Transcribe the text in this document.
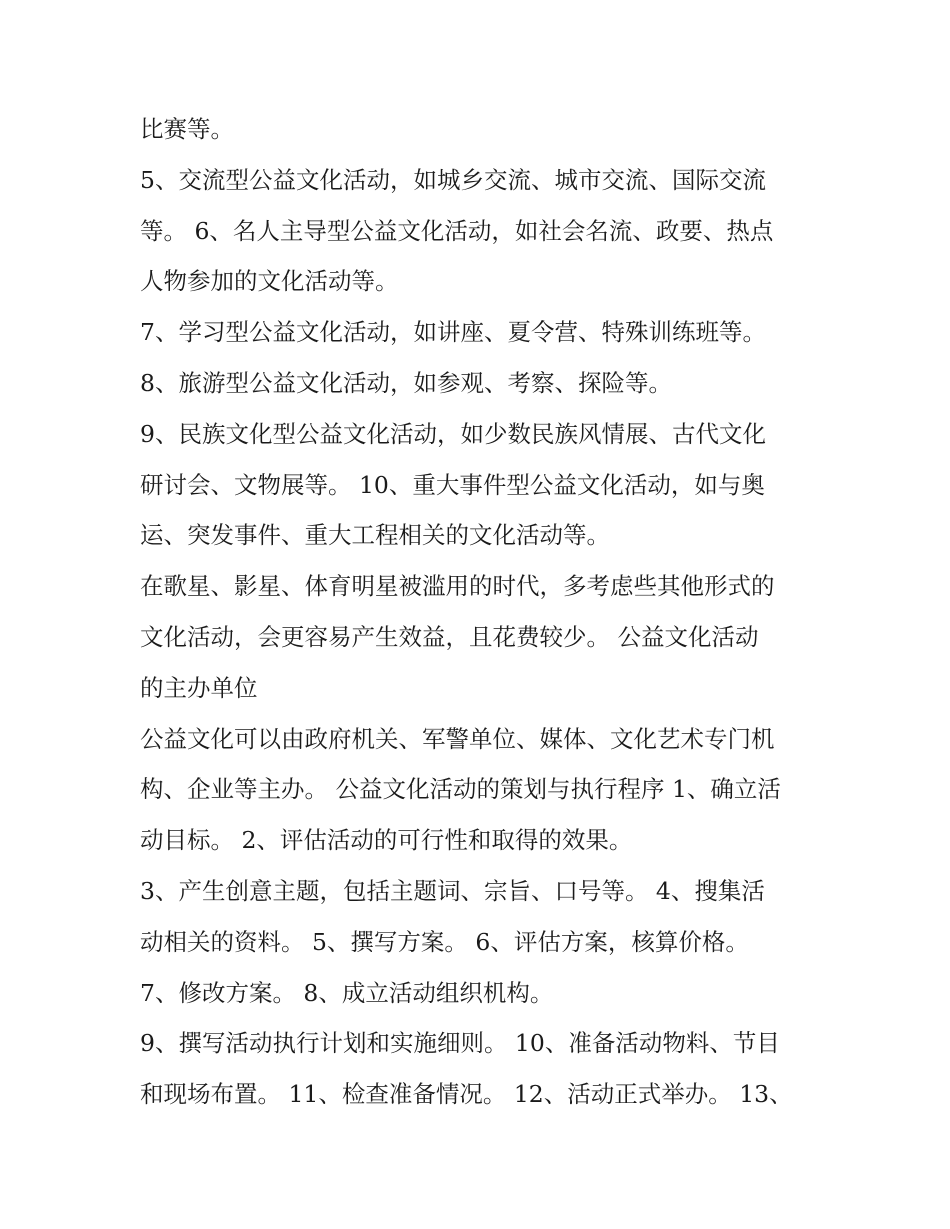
比赛等。
5、交流型公益文化活动，如城乡交流、城市交流、国际交流
等。 6、名人主导型公益文化活动，如社会名流、政要、热点
人物参加的文化活动等。
7、学习型公益文化活动，如讲座、夏令营、特殊训练班等。
8、旅游型公益文化活动，如参观、考察、探险等。
9、民族文化型公益文化活动，如少数民族风情展、古代文化
研讨会、文物展等。 10、重大事件型公益文化活动，如与奥
运、突发事件、重大工程相关的文化活动等。
在歌星、影星、体育明星被滥用的时代，多考虑些其他形式的
文化活动，会更容易产生效益，且花费较少。 公益文化活动
的主办单位
公益文化可以由政府机关、军警单位、媒体、文化艺术专门机
构、企业等主办。 公益文化活动的策划与执行程序 1、确立活
动目标。 2、评估活动的可行性和取得的效果。
3、产生创意主题，包括主题词、宗旨、口号等。 4、搜集活
动相关的资料。 5、撰写方案。 6、评估方案，核算价格。
7、修改方案。 8、成立活动组织机构。
9、撰写活动执行计划和实施细则。 10、准备活动物料、节目
和现场布置。 11、检查准备情况。 12、活动正式举办。 13、
